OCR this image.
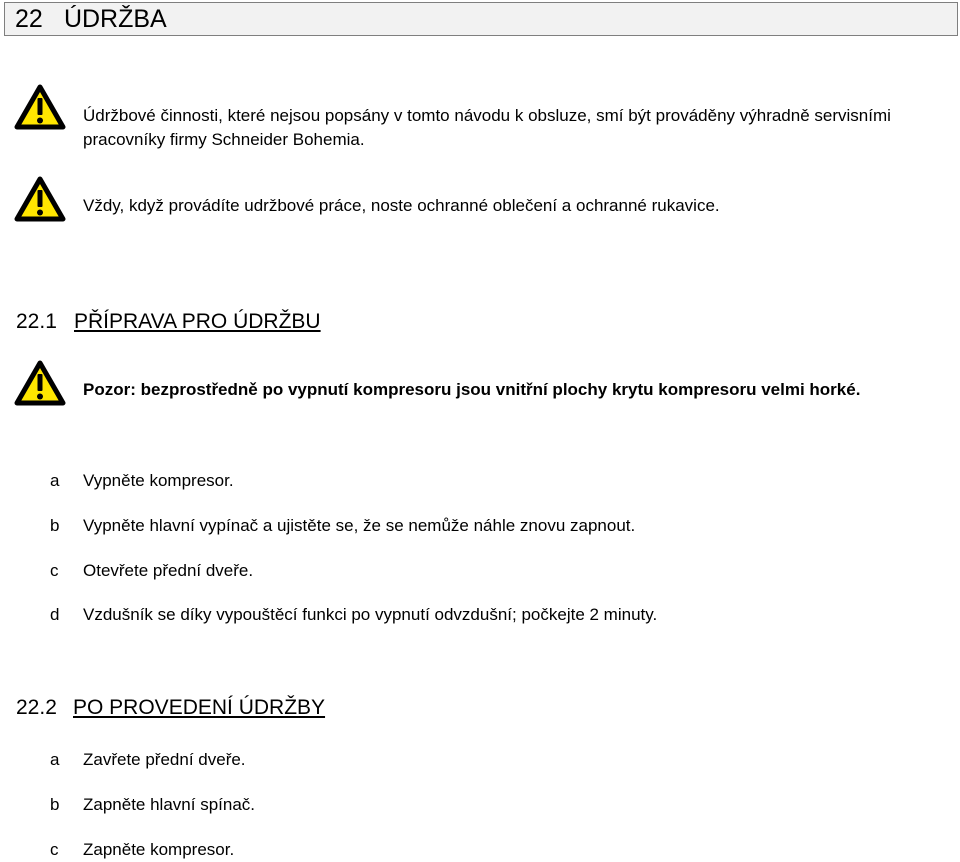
22 ÚDRŽBA
Údržbové činnosti, které nejsou popsány v tomto návodu k obsluze, smí být prováděny výhradně servisními pracovníky firmy Schneider Bohemia.
Vždy, když provádíte udržbové práce, noste ochranné oblečení a ochranné rukavice.
22.1 PŘÍPRAVA PRO ÚDRŽBU
Pozor: bezprostředně po vypnutí kompresoru jsou vnitřní plochy krytu kompresoru velmi horké.
a Vypněte kompresor.
b Vypněte hlavní vypínač a ujistěte se, že se nemůže náhle znovu zapnout.
c Otevřete přední dveře.
d Vzdušník se díky vypouštěcí funkci po vypnutí odvzdušní; počkejte 2 minuty.
22.2 PO PROVEDENÍ ÚDRŽBY
a Zavřete přední dveře.
b Zapněte hlavní spínač.
c Zapněte kompresor.
